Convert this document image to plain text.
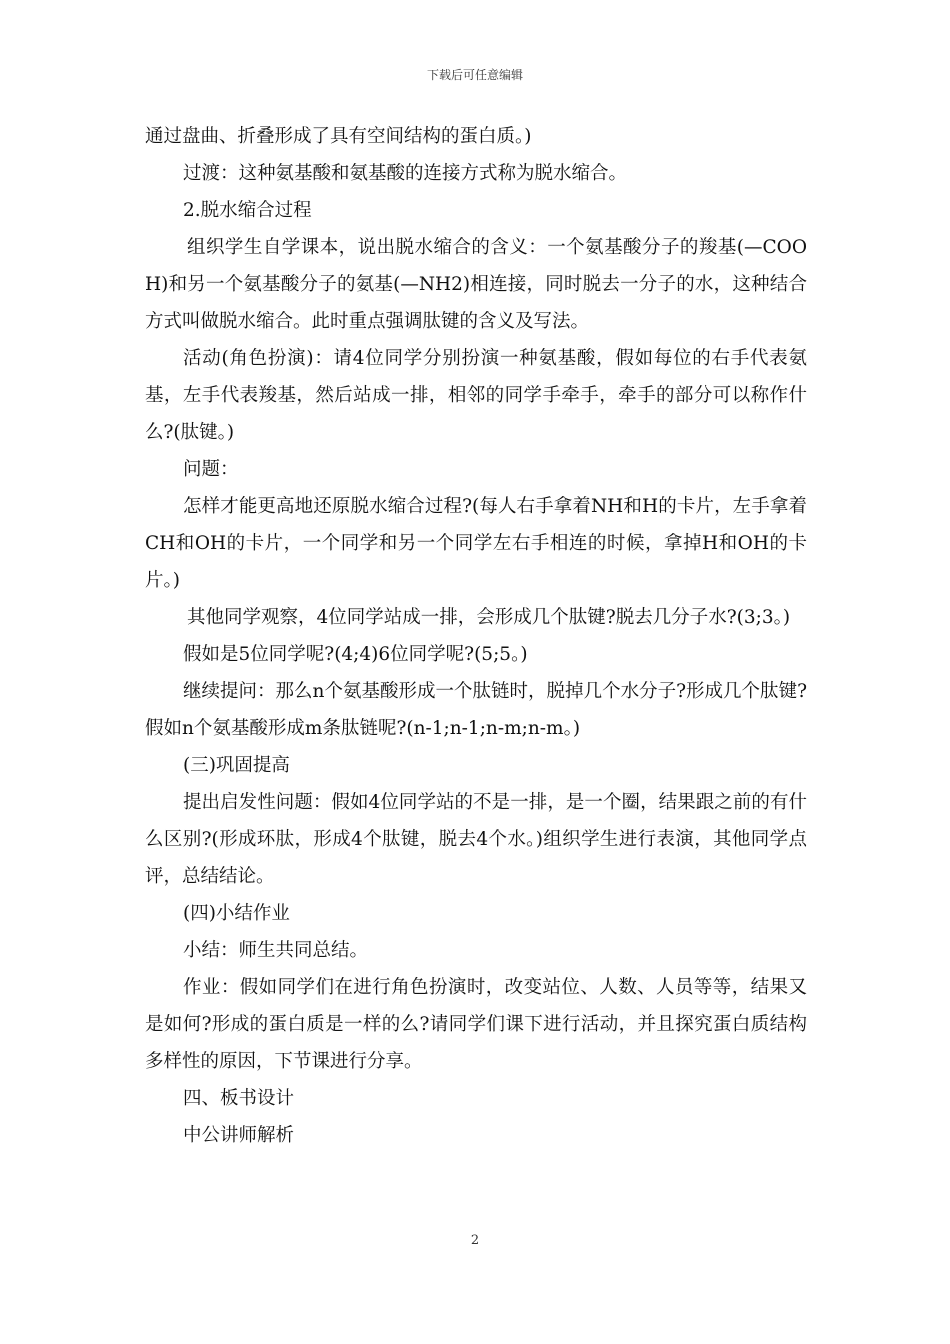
下载后可任意编辑

通过盘曲、折叠形成了具有空间结构的蛋白质。)

过渡：这种氨基酸和氨基酸的连接方式称为脱水缩合。

2.脱水缩合过程

组织学生自学课本，说出脱水缩合的含义：一个氨基酸分子的羧基(—COOH)和另一个氨基酸分子的氨基(—NH2)相连接，同时脱去一分子的水，这种结合方式叫做脱水缩合。此时重点强调肽键的含义及写法。

活动(角色扮演)：请4位同学分别扮演一种氨基酸，假如每位的右手代表氨基，左手代表羧基，然后站成一排，相邻的同学手牵手，牵手的部分可以称作什么?(肽键。)

问题：

怎样才能更高地还原脱水缩合过程?(每人右手拿着NH和H的卡片，左手拿着CH和OH的卡片，一个同学和另一个同学左右手相连的时候，拿掉H和OH的卡片。)

其他同学观察，4位同学站成一排，会形成几个肽键?脱去几分子水?(3;3。)

假如是5位同学呢?(4;4)6位同学呢?(5;5。)

继续提问：那么n个氨基酸形成一个肽链时，脱掉几个水分子?形成几个肽键?假如n个氨基酸形成m条肽链呢?(n-1;n-1;n-m;n-m。)

(三)巩固提高

提出启发性问题：假如4位同学站的不是一排，是一个圈，结果跟之前的有什么区别?(形成环肽，形成4个肽键，脱去4个水。)组织学生进行表演，其他同学点评，总结结论。

(四)小结作业

小结：师生共同总结。

作业：假如同学们在进行角色扮演时，改变站位、人数、人员等等，结果又是如何?形成的蛋白质是一样的么?请同学们课下进行活动，并且探究蛋白质结构多样性的原因，下节课进行分享。

四、板书设计

中公讲师解析

2
